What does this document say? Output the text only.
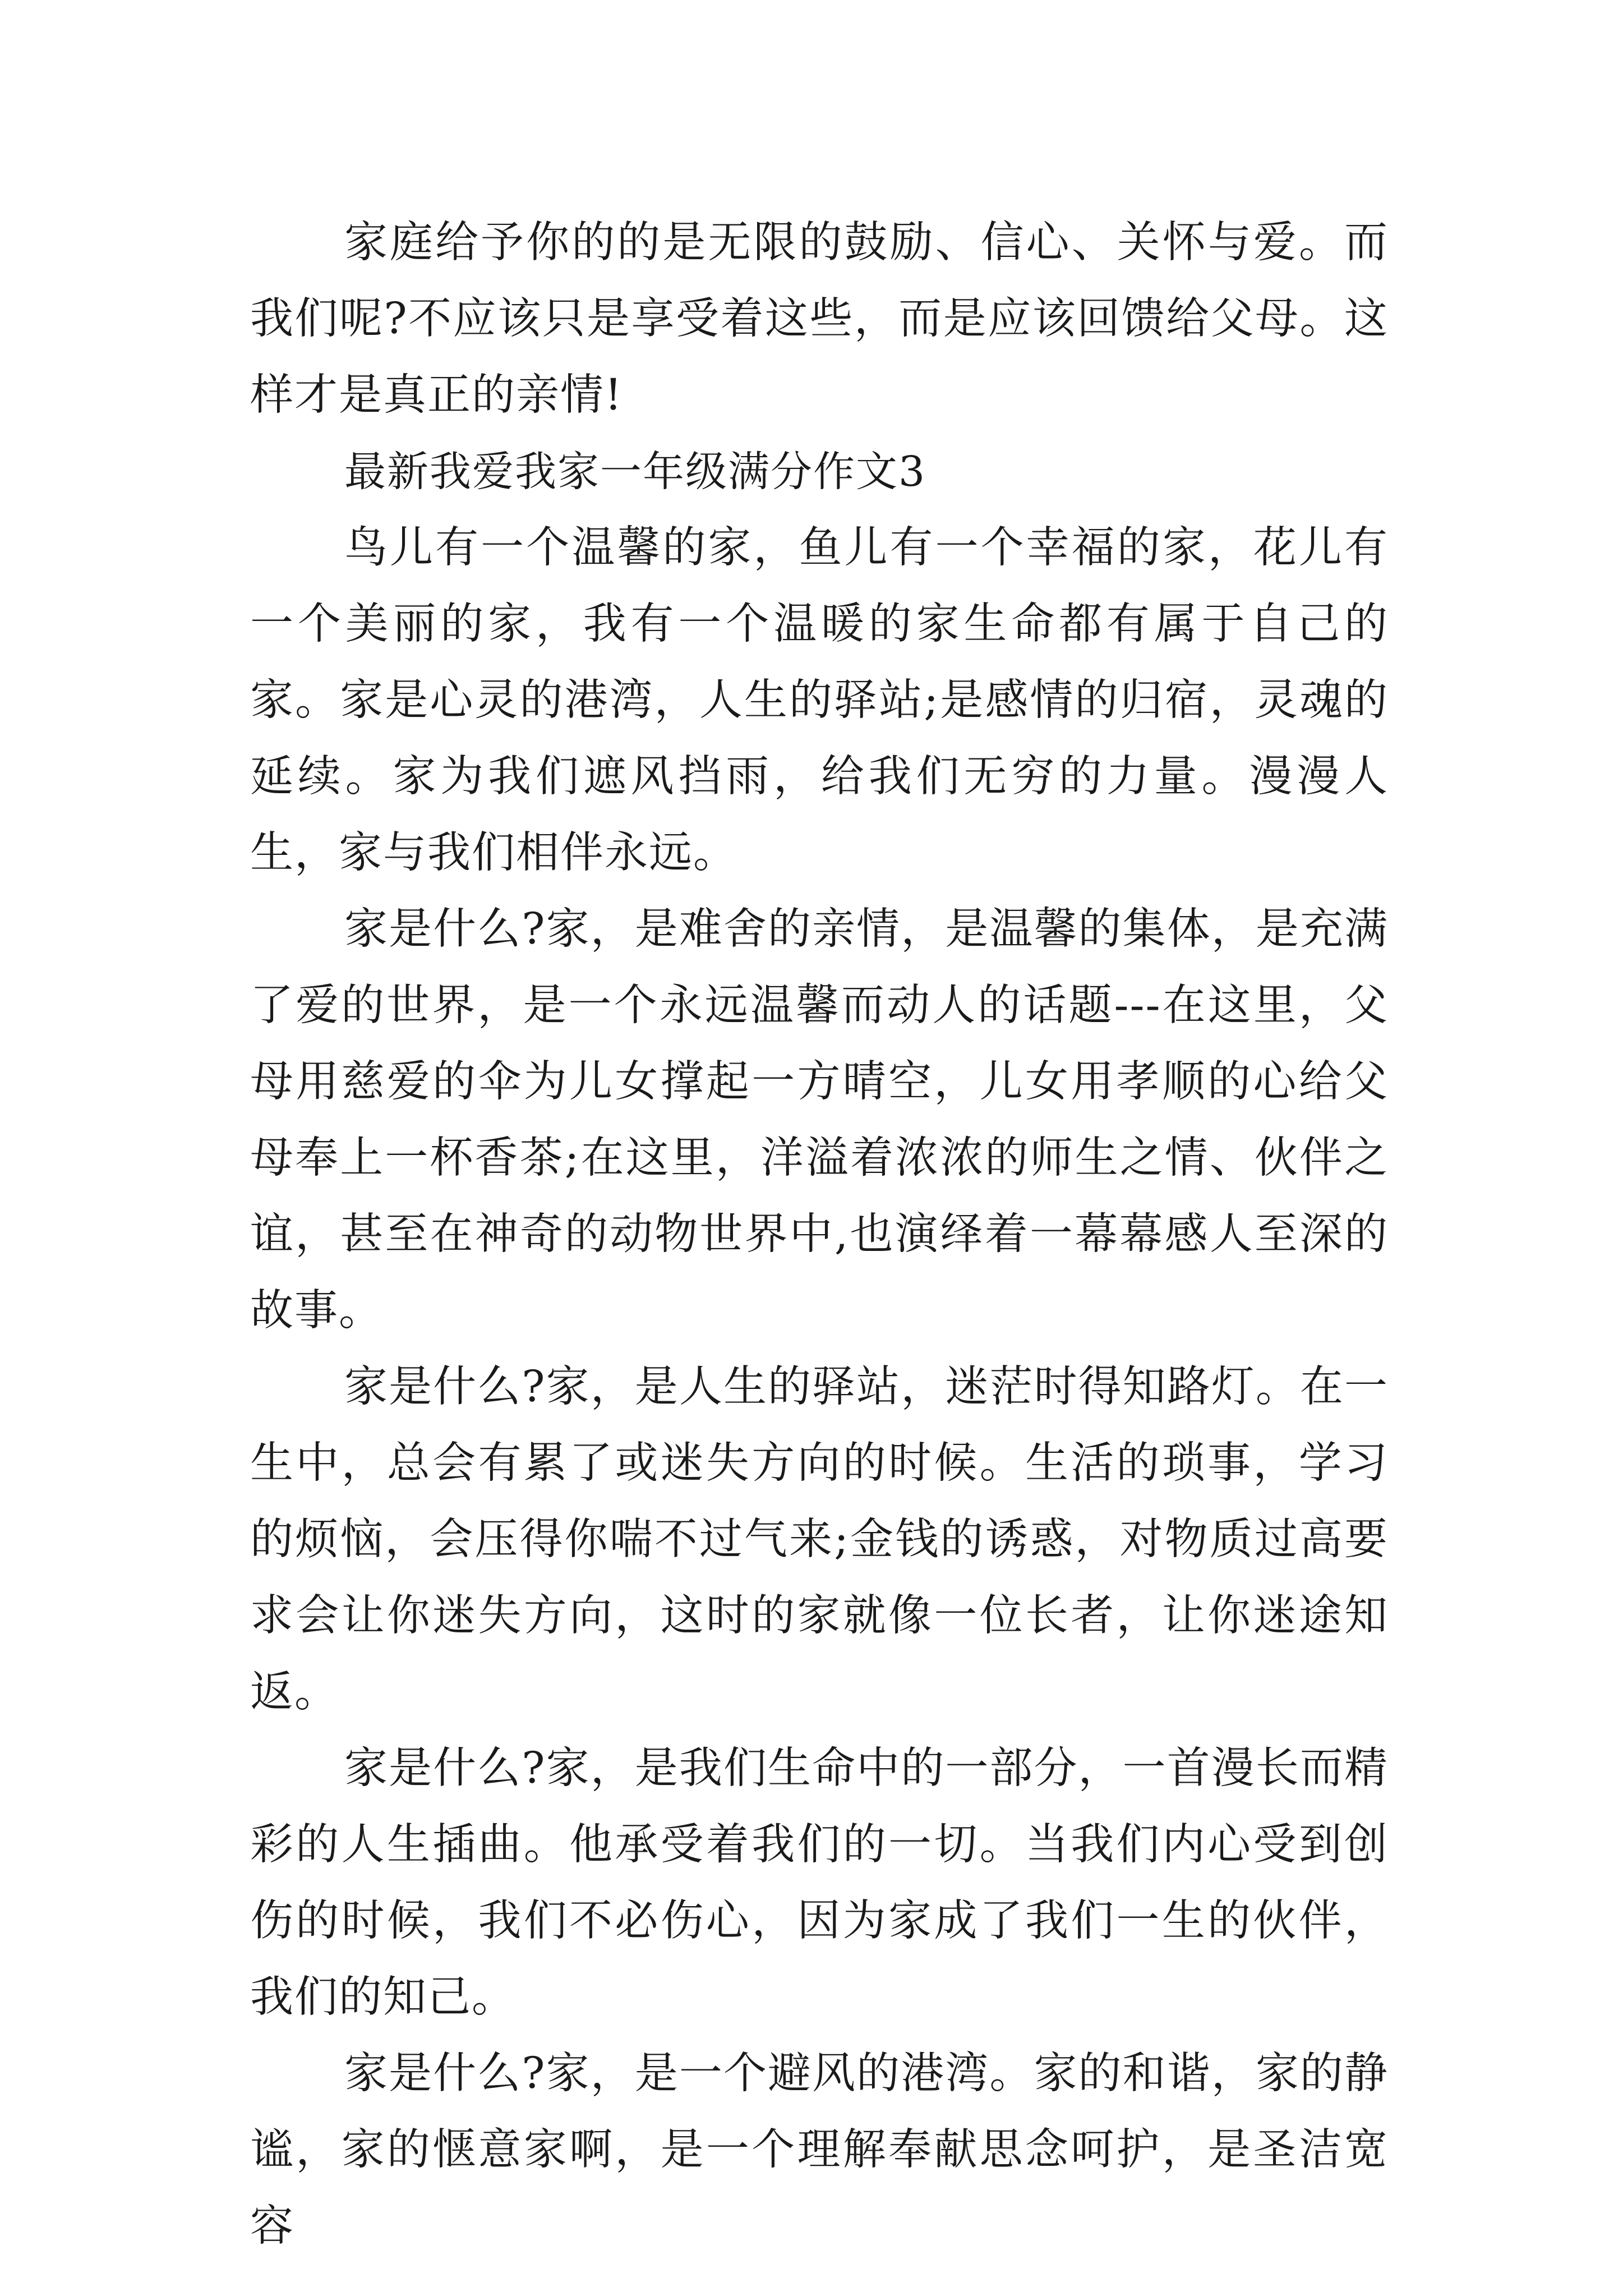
家庭给予你的的是无限的鼓励、信心、关怀与爱。而我们呢?不应该只是享受着这些，而是应该回馈给父母。这样才是真正的亲情!

最新我爱我家一年级满分作文3

鸟儿有一个温馨的家，鱼儿有一个幸福的家，花儿有一个美丽的家，我有一个温暖的家生命都有属于自己的家。家是心灵的港湾，人生的驿站;是感情的归宿，灵魂的延续。家为我们遮风挡雨，给我们无穷的力量。漫漫人生，家与我们相伴永远。

家是什么?家，是难舍的亲情，是温馨的集体，是充满了爱的世界，是一个永远温馨而动人的话题---在这里，父母用慈爱的伞为儿女撑起一方晴空，儿女用孝顺的心给父母奉上一杯香茶;在这里，洋溢着浓浓的师生之情、伙伴之谊，甚至在神奇的动物世界中,也演绎着一幕幕感人至深的故事。

家是什么?家，是人生的驿站，迷茫时得知路灯。在一生中，总会有累了或迷失方向的时候。生活的琐事，学习的烦恼，会压得你喘不过气来;金钱的诱惑，对物质过高要求会让你迷失方向，这时的家就像一位长者，让你迷途知返。

家是什么?家，是我们生命中的一部分，一首漫长而精彩的人生插曲。他承受着我们的一切。当我们内心受到创伤的时候，我们不必伤心，因为家成了我们一生的伙伴，我们的知己。

家是什么?家，是一个避风的港湾。家的和谐，家的静谧，家的惬意家啊，是一个理解奉献思念呵护，是圣洁宽容
